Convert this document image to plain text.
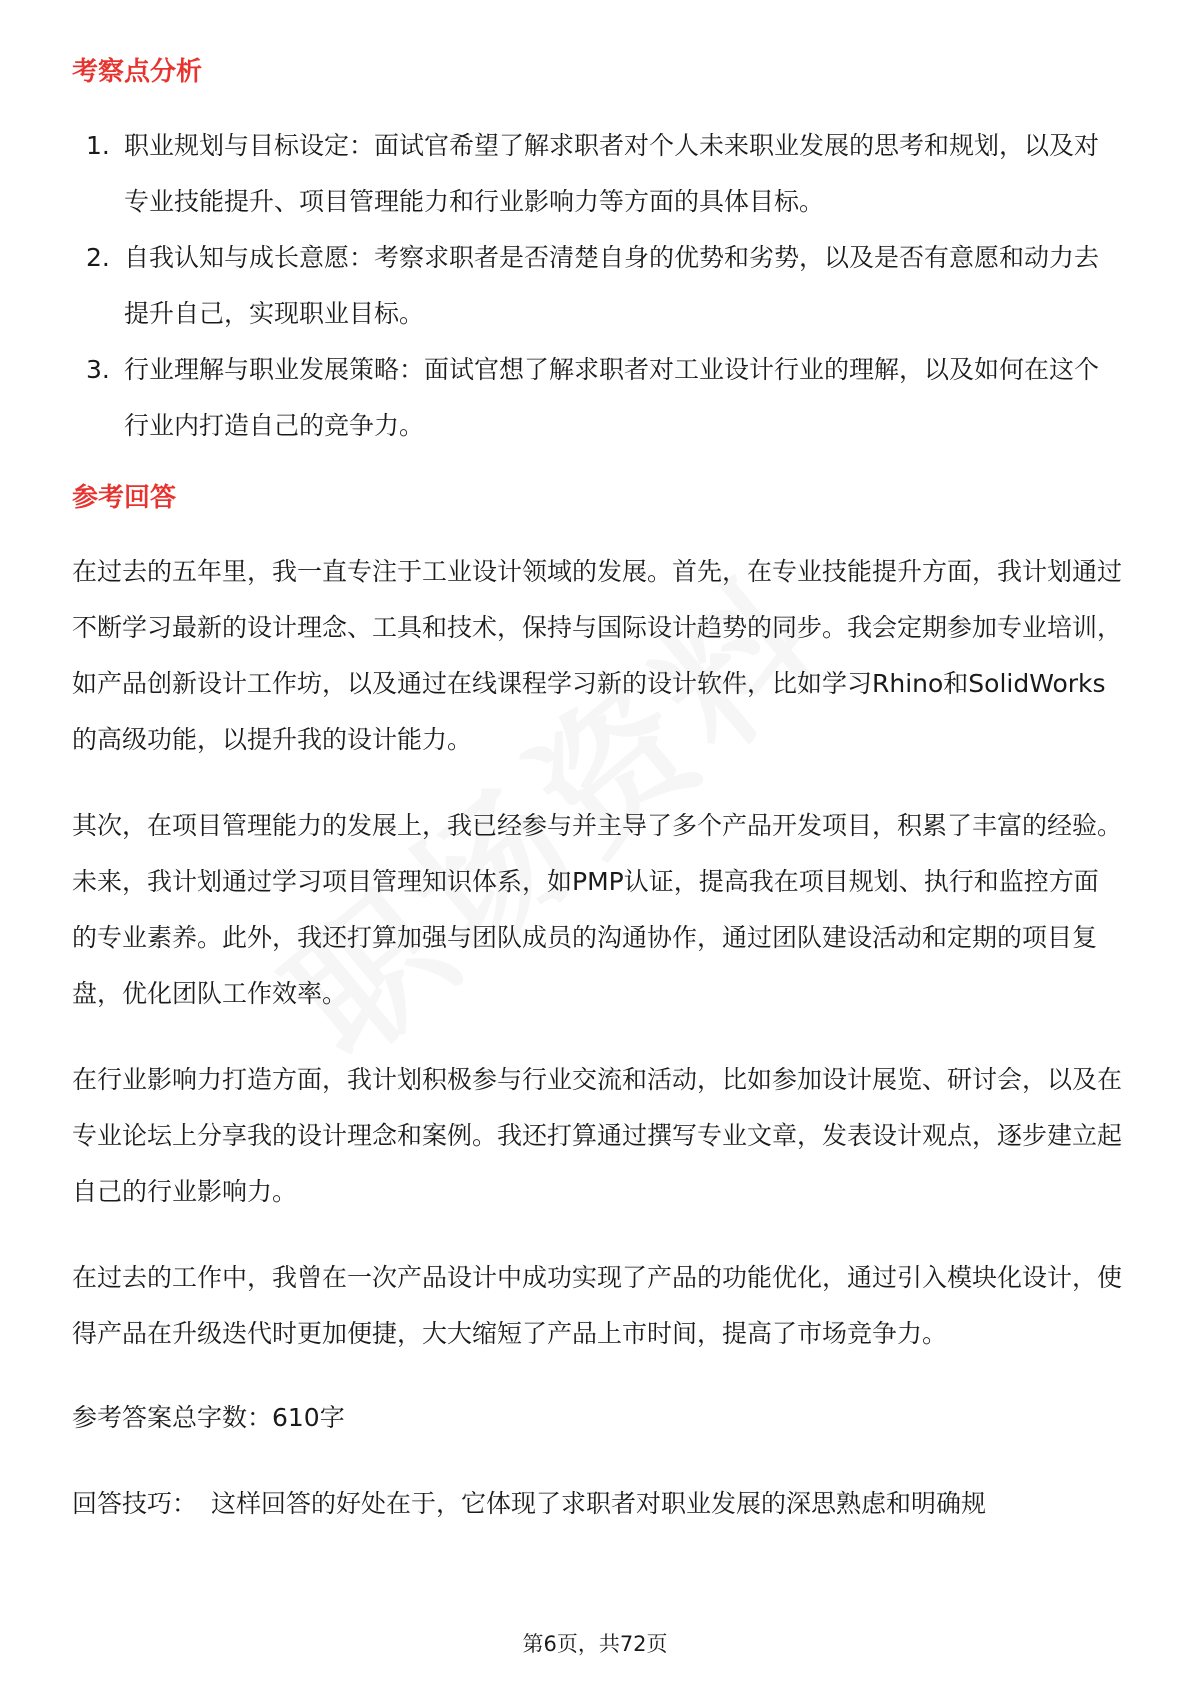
考察点分析
1. 职业规划与目标设定：面试官希望了解求职者对个人未来职业发展的思考和规划，以及对专业技能提升、项目管理能力和行业影响力等方面的具体目标。
2. 自我认知与成长意愿：考察求职者是否清楚自身的优势和劣势，以及是否有意愿和动力去提升自己，实现职业目标。
3. 行业理解与职业发展策略：面试官想了解求职者对工业设计行业的理解，以及如何在这个行业内打造自己的竞争力。
参考回答

在过去的五年里，我一直专注于工业设计领域的发展。首先，在专业技能提升方面，我计划通过不断学习最新的设计理念、工具和技术，保持与国际设计趋势的同步。我会定期参加专业培训，如产品创新设计工作坊，以及通过在线课程学习新的设计软件，比如学习Rhino和SolidWorks的高级功能，以提升我的设计能力。

其次，在项目管理能力的发展上，我已经参与并主导了多个产品开发项目，积累了丰富的经验。未来，我计划通过学习项目管理知识体系，如PMP认证，提高我在项目规划、执行和监控方面的专业素养。此外，我还打算加强与团队成员的沟通协作，通过团队建设活动和定期的项目复盘，优化团队工作效率。

在行业影响力打造方面，我计划积极参与行业交流和活动，比如参加设计展览、研讨会，以及在专业论坛上分享我的设计理念和案例。我还打算通过撰写专业文章，发表设计观点，逐步建立起自己的行业影响力。

在过去的工作中，我曾在一次产品设计中成功实现了产品的功能优化，通过引入模块化设计，使得产品在升级迭代时更加便捷，大大缩短了产品上市时间，提高了市场竞争力。

参考答案总字数：610字

回答技巧： 这样回答的好处在于，它体现了求职者对职业发展的深思熟虑和明确规

第6页，共72页
